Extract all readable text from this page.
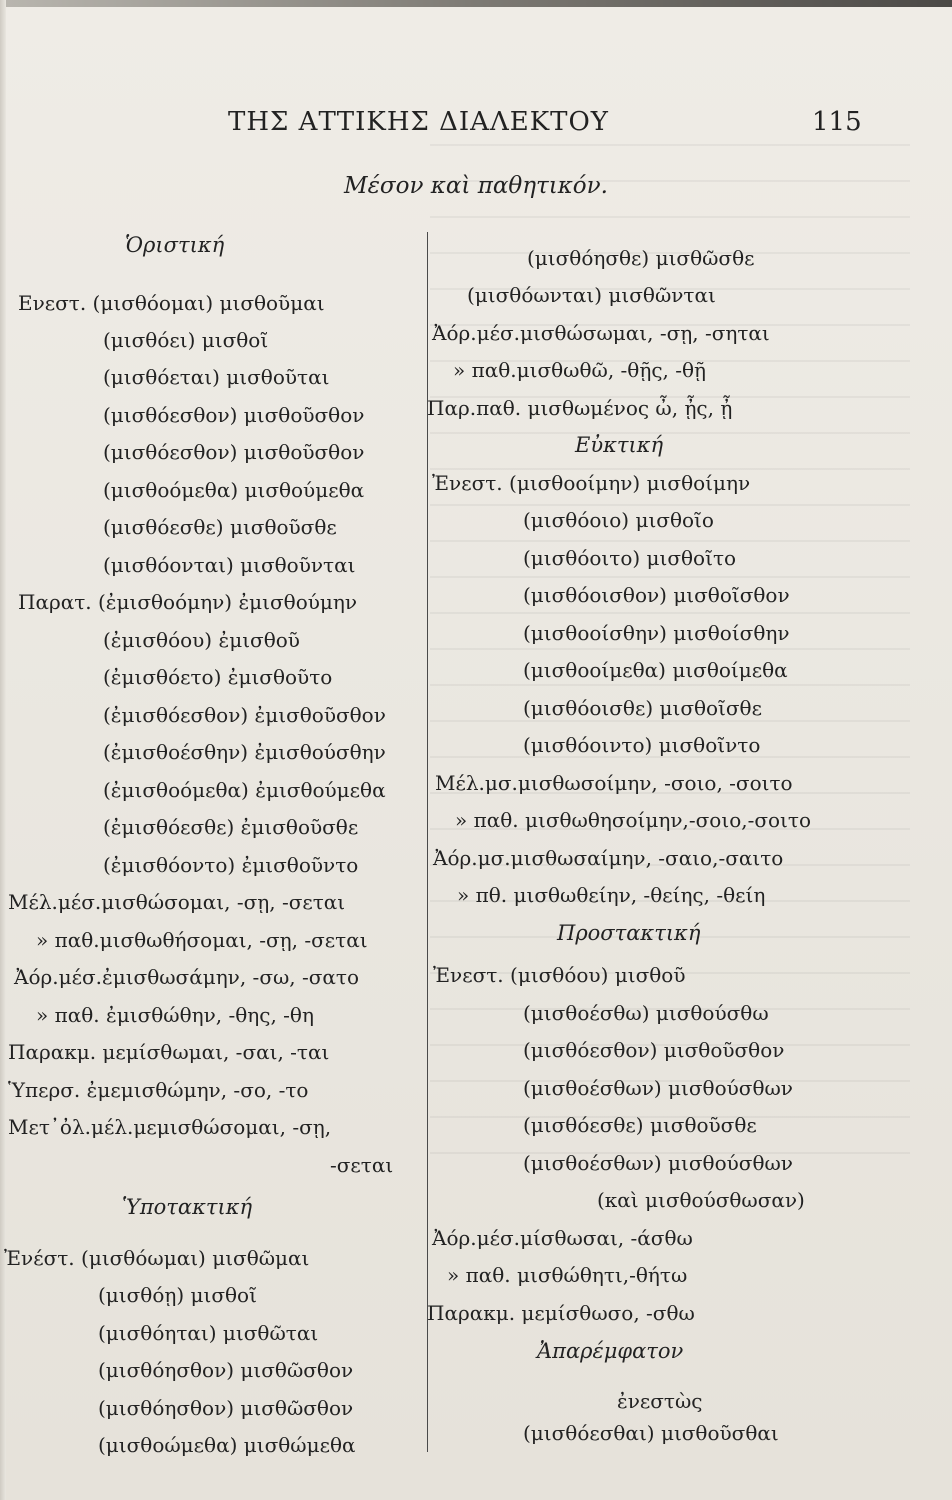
ΤΗΣ ΑΤΤΙΚΗΣ ΔΙΑΛΕΚΤΟΥ	115
Μέσον καὶ παθητικόν.
Ὁριστική
Ενεστ. (μισθόομαι) μισθοῦμαι
(μισθόει) μισθοῖ
(μισθόεται) μισθοῦται
(μισθόεσθον) μισθοῦσθον
(μισθόεσθον) μισθοῦσθον
(μισθοόμεθα) μισθούμεθα
(μισθόεσθε) μισθοῦσθε
(μισθόονται) μισθοῦνται
Παρατ. (ἐμισθοόμην) ἐμισθούμην
(ἐμισθόου) ἐμισθοῦ
(ἐμισθόετο) ἐμισθοῦτο
(ἐμισθόεσθον) ἐμισθοῦσθον
(ἐμισθοέσθην) ἐμισθούσθην
(ἐμισθοόμεθα) ἐμισθούμεθα
(ἐμισθόεσθε) ἐμισθοῦσθε
(ἐμισθόοντο) ἐμισθοῦντο
Μέλ.μέσ.μισθώσομαι, -σῃ, -σεται
» παθ.μισθωθήσομαι, -σῃ, -σεται
Ἀόρ.μέσ.ἐμισθωσάμην, -σω, -σατο
» παθ. ἐμισθώθην, -θης, -θη
Παρακμ. μεμίσθωμαι, -σαι, -ται
Ὑπερσ. ἐμεμισθώμην, -σο, -το
Μετ᾽ὀλ.μέλ.μεμισθώσομαι, -σῃ,
-σεται
Ὑποτακτική
Ἐνέστ. (μισθόωμαι) μισθῶμαι
(μισθόῃ) μισθοῖ
(μισθόηται) μισθῶται
(μισθόησθον) μισθῶσθον
(μισθόησθον) μισθῶσθον
(μισθοώμεθα) μισθώμεθα
(μισθόησθε) μισθῶσθε
(μισθόωνται) μισθῶνται
Ἀόρ.μέσ.μισθώσωμαι, -σῃ, -σηται
» παθ.μισθωθῶ, -θῇς, -θῇ
Παρ.παθ. μισθωμένος ὦ, ᾖς, ᾖ
Εὐκτική
Ἐνεστ. (μισθοοίμην) μισθοίμην
(μισθόοιο) μισθοῖο
(μισθόοιτο) μισθοῖτο
(μισθόοισθον) μισθοῖσθον
(μισθοοίσθην) μισθοίσθην
(μισθοοίμεθα) μισθοίμεθα
(μισθόοισθε) μισθοῖσθε
(μισθόοιντο) μισθοῖντο
Μέλ.μσ.μισθωσοίμην, -σοιο, -σοιτο
» παθ. μισθωθησοίμην,-σοιο,-σοιτο
Ἀόρ.μσ.μισθωσαίμην, -σαιο,-σαιτο
» πθ. μισθωθείην, -θείης, -θείη
Προστακτική
Ἐνεστ. (μισθόου) μισθοῦ
(μισθοέσθω) μισθούσθω
(μισθόεσθον) μισθοῦσθον
(μισθοέσθων) μισθούσθων
(μισθόεσθε) μισθοῦσθε
(μισθοέσθων) μισθούσθων
(καὶ μισθούσθωσαν)
Ἀόρ.μέσ.μίσθωσαι, -άσθω
» παθ. μισθώθητι,-θήτω
Παρακμ. μεμίσθωσο, -σθω
Ἀπαρέμφατον
ἐνεστὼς
(μισθόεσθαι) μισθοῦσθαι
